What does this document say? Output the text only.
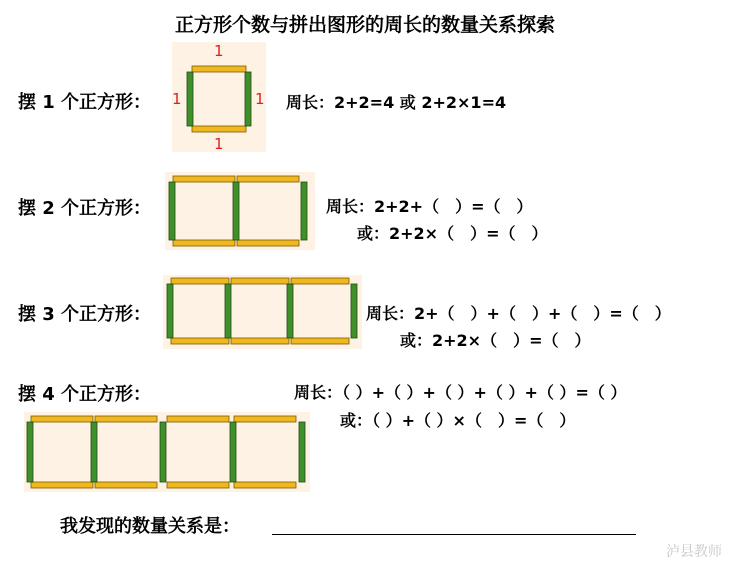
正方形个数与拼出图形的周长的数量关系探索
摆 1 个正方形：
1
1	1
1
周长：2+2=4 或 2+2×1=4
摆 2 个正方形：	周长：2+2+（　）=（　）
或：2+2×（　）=（　）
摆 3 个正方形：	周长：2+（　）+（　）+（　）=（　）
或：2+2×（　）=（　）
摆 4 个正方形：	周长：（ ）+（ ）+（ ）+（ ）+（ ）=（ ）
或：（ ）+（ ）×（　）=（　）
我发现的数量关系是：
泸县教师
